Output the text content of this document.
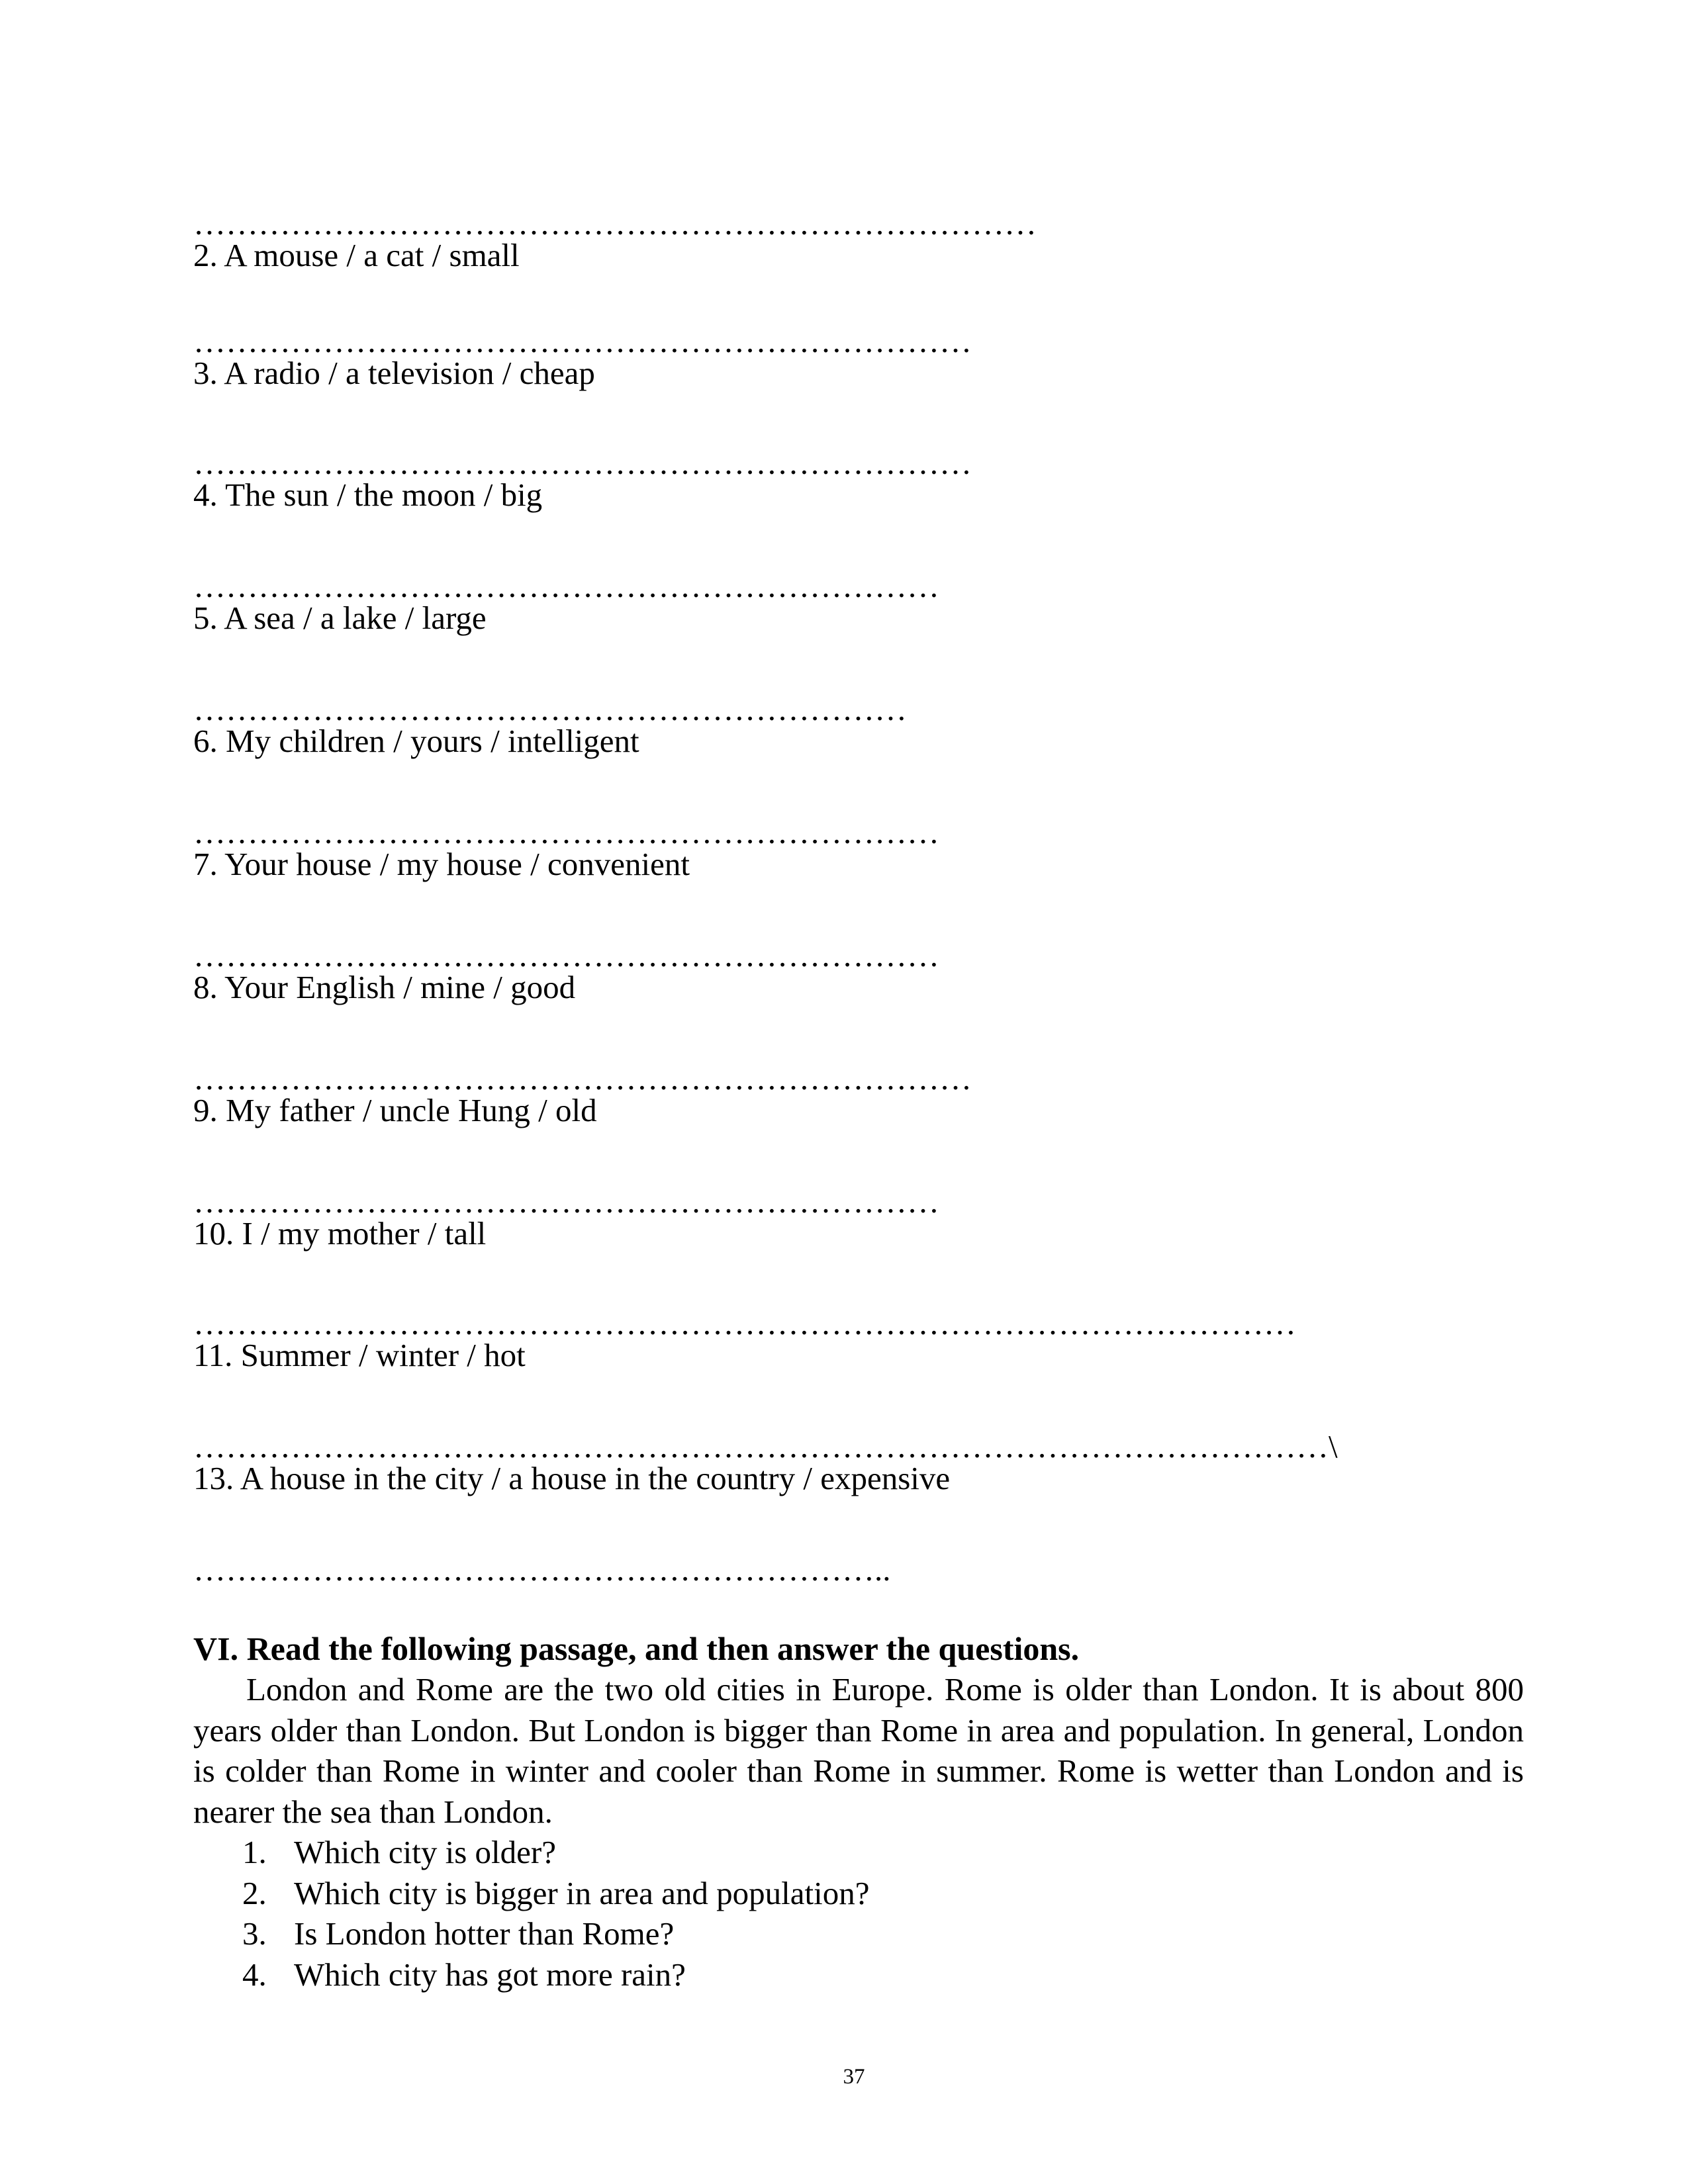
……………………………………………………………………
2. A mouse / a cat / small
………………………………………………………………
3. A radio / a television / cheap
………………………………………………………………
4. The sun / the moon / big
……………………………………………………………
5. A sea / a lake / large
…………………………………………………………
6. My children / yours / intelligent
……………………………………………………………
7. Your house / my house / convenient
……………………………………………………………
8. Your English / mine / good
………………………………………………………………
9. My father / uncle Hung / old
……………………………………………………………
10. I / my mother / tall
…………………………………………………………………………………………
11. Summer / winter / hot
……………………………………………………………………………………………\
13. A house in the city / a house in the country / expensive
………………………………………………………..
VI. Read the following passage, and then answer the questions.

London and Rome are the two old cities in Europe. Rome is older than London. It is about 800 years older than London. But London is bigger than Rome in area and population. In general, London is colder than Rome in winter and cooler than Rome in summer. Rome is wetter than London and is nearer the sea than London.

1. Which city is older?
2. Which city is bigger in area and population?
3. Is London hotter than Rome?
4. Which city has got more rain?
37
